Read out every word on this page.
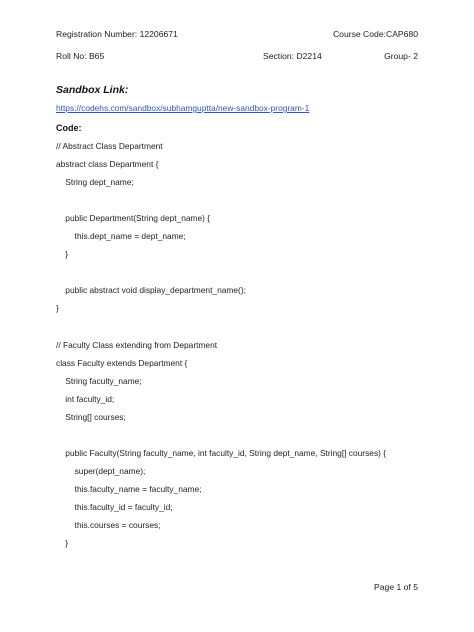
Registration Number: 12206671	Course Code:CAP680
Roll No: B65	Section: D2214	Group- 2
Sandbox Link:
https://codehs.com/sandbox/subhamguptta/new-sandbox-program-1
Code:
// Abstract Class Department
abstract class Department {
String dept_name;
public Department(String dept_name) {
this.dept_name = dept_name;
}
public abstract void display_department_name();
}
// Faculty Class extending from Department
class Faculty extends Department {
String faculty_name;
int faculty_id;
String[] courses;
public Faculty(String faculty_name, int faculty_id, String dept_name, String[] courses) {
super(dept_name);
this.faculty_name = faculty_name;
this.faculty_id = faculty_id;
this.courses = courses;
}
Page 1 of 5
